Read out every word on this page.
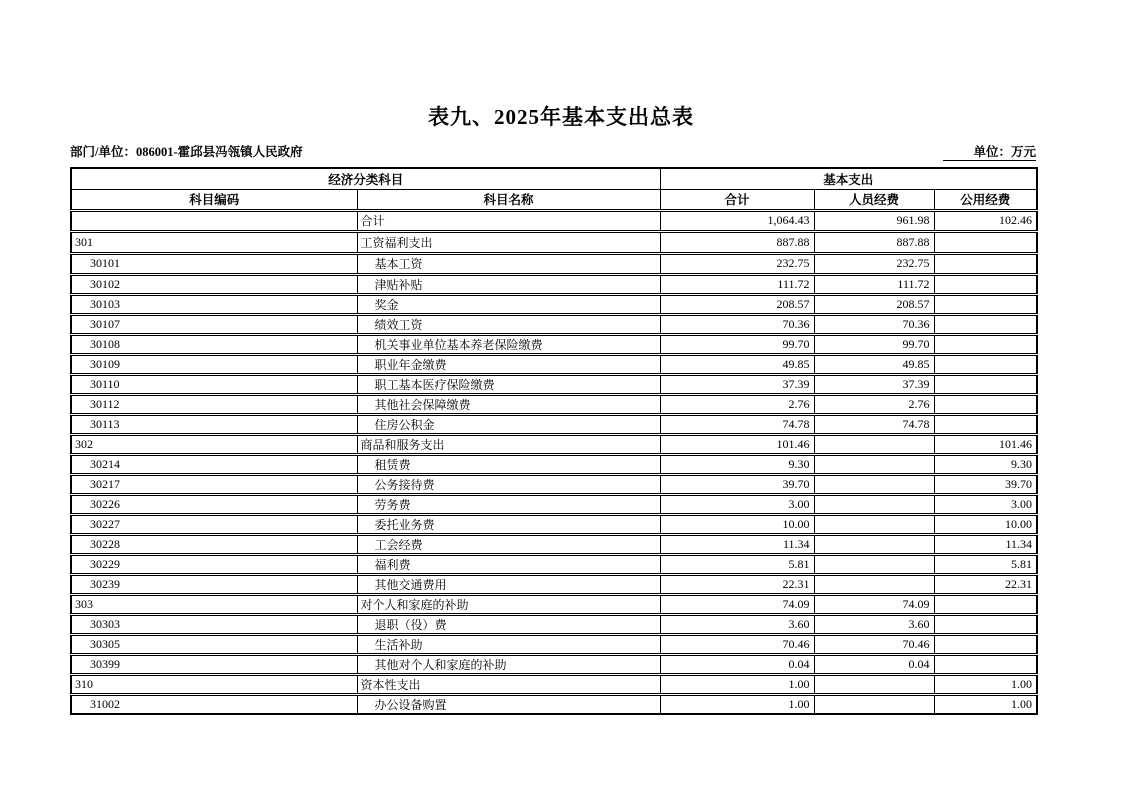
表九、2025年基本支出总表
部门/单位：086001-霍邱县冯瓴镇人民政府	单位：万元
经济分类科目		基本支出		
科目编码	科目名称	合计	人员经费	公用经费
	合计	1,064.43	961.98	102.46
301	工资福利支出	887.88	887.88	
30101	基本工资	232.75	232.75	
30102	津贴补贴	111.72	111.72	
30103	奖金	208.57	208.57	
30107	绩效工资	70.36	70.36	
30108	机关事业单位基本养老保险缴费	99.70	99.70	
30109	职业年金缴费	49.85	49.85	
30110	职工基本医疗保险缴费	37.39	37.39	
30112	其他社会保障缴费	2.76	2.76	
30113	住房公积金	74.78	74.78	
302	商品和服务支出	101.46		101.46
30214	租赁费	9.30		9.30
30217	公务接待费	39.70		39.70
30226	劳务费	3.00		3.00
30227	委托业务费	10.00		10.00
30228	工会经费	11.34		11.34
30229	福利费	5.81		5.81
30239	其他交通费用	22.31		22.31
303	对个人和家庭的补助	74.09	74.09	
30303	退职（役）费	3.60	3.60	
30305	生活补助	70.46	70.46	
30399	其他对个人和家庭的补助	0.04	0.04	
310	资本性支出	1.00		1.00
31002	办公设备购置	1.00		1.00
